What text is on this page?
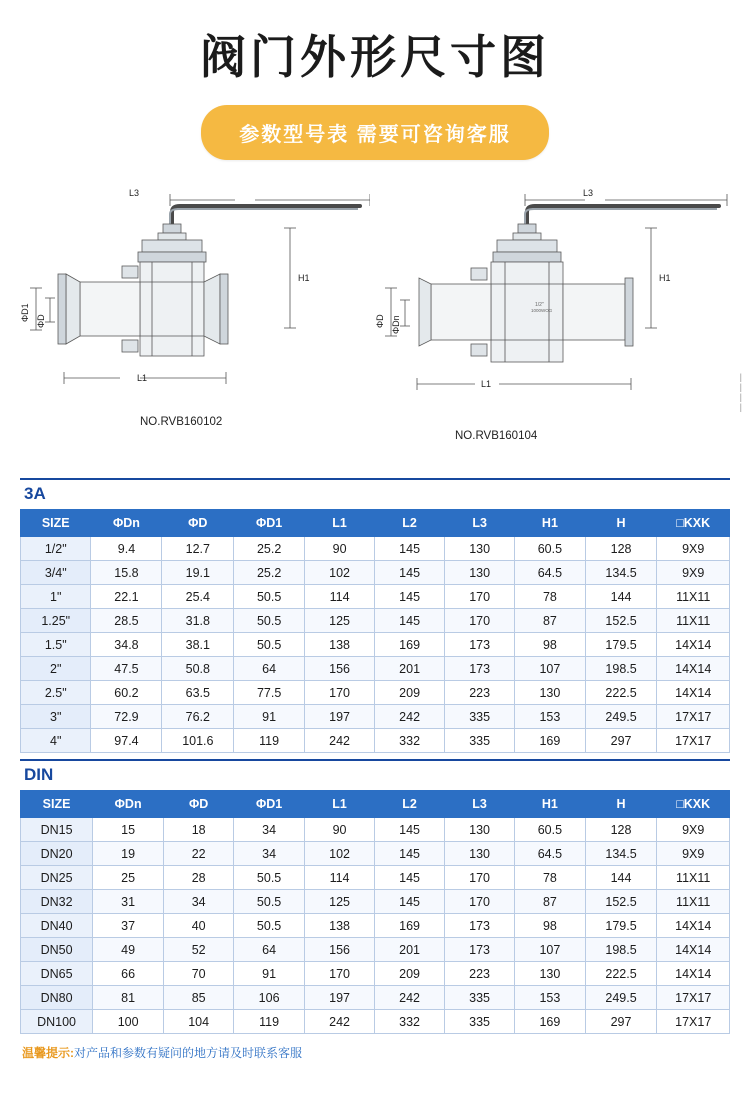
阀门外形尺寸图
参数型号表 需要可咨询客服
L3
H1
L1
ΦD1 ΦD
L3
H1
L1
ΦD ΦDn
1/2"
1000WOG
NO.RVB160102
NO.RVB160104
|
|
|
|
3A
SIZE	ΦDn	ΦD	ΦD1	L1	L2	L3	H1	H	□KXK
1/2"	9.4	12.7	25.2	90	145	130	60.5	128	9X9
3/4"	15.8	19.1	25.2	102	145	130	64.5	134.5	9X9
1"	22.1	25.4	50.5	114	145	170	78	144	11X11
1.25"	28.5	31.8	50.5	125	145	170	87	152.5	11X11
1.5"	34.8	38.1	50.5	138	169	173	98	179.5	14X14
2"	47.5	50.8	64	156	201	173	107	198.5	14X14
2.5"	60.2	63.5	77.5	170	209	223	130	222.5	14X14
3"	72.9	76.2	91	197	242	335	153	249.5	17X17
4"	97.4	101.6	119	242	332	335	169	297	17X17
DIN
SIZE	ΦDn	ΦD	ΦD1	L1	L2	L3	H1	H	□KXK
DN15	15	18	34	90	145	130	60.5	128	9X9
DN20	19	22	34	102	145	130	64.5	134.5	9X9
DN25	25	28	50.5	114	145	170	78	144	11X11
DN32	31	34	50.5	125	145	170	87	152.5	11X11
DN40	37	40	50.5	138	169	173	98	179.5	14X14
DN50	49	52	64	156	201	173	107	198.5	14X14
DN65	66	70	91	170	209	223	130	222.5	14X14
DN80	81	85	106	197	242	335	153	249.5	17X17
DN100	100	104	119	242	332	335	169	297	17X17
温馨提示:对产品和参数有疑问的地方请及时联系客服
